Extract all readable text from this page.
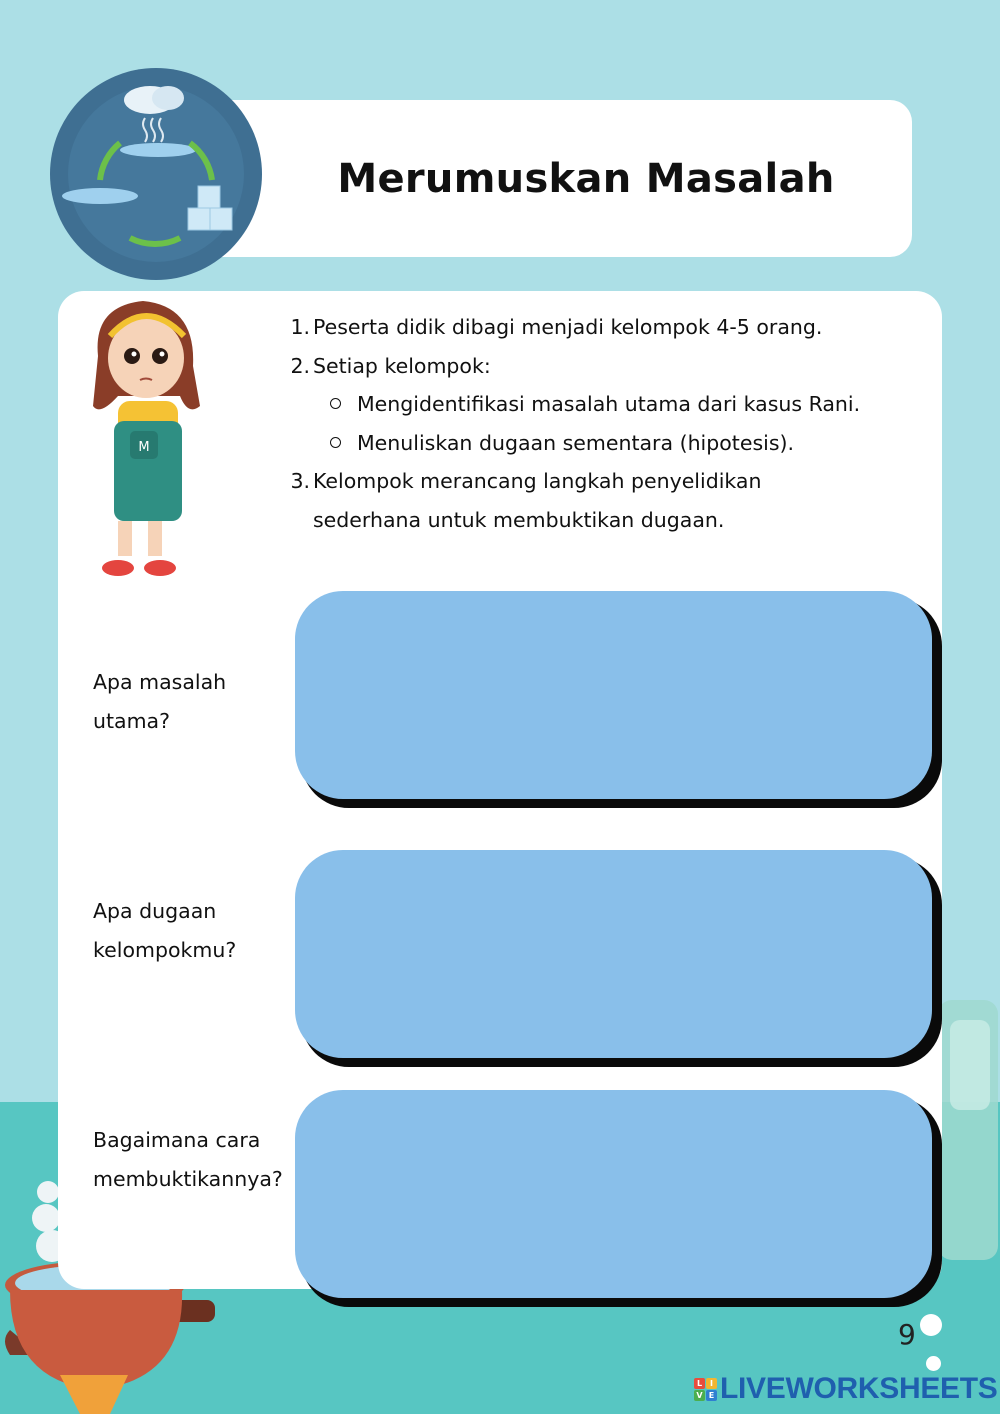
Merumuskan Masalah
M
1. Peserta didik dibagi menjadi kelompok 4-5 orang.
2. Setiap kelompok:
Mengidentifikasi masalah utama dari kasus Rani.
Menuliskan dugaan sementara (hipotesis).
3. Kelompok merancang langkah penyelidikan
sederhana untuk membuktikan dugaan.
Apa masalah
utama?
Apa dugaan
kelompokmu?
Bagaimana cara
membuktikannya?
9
L I
V E LIVEWORKSHEETS
